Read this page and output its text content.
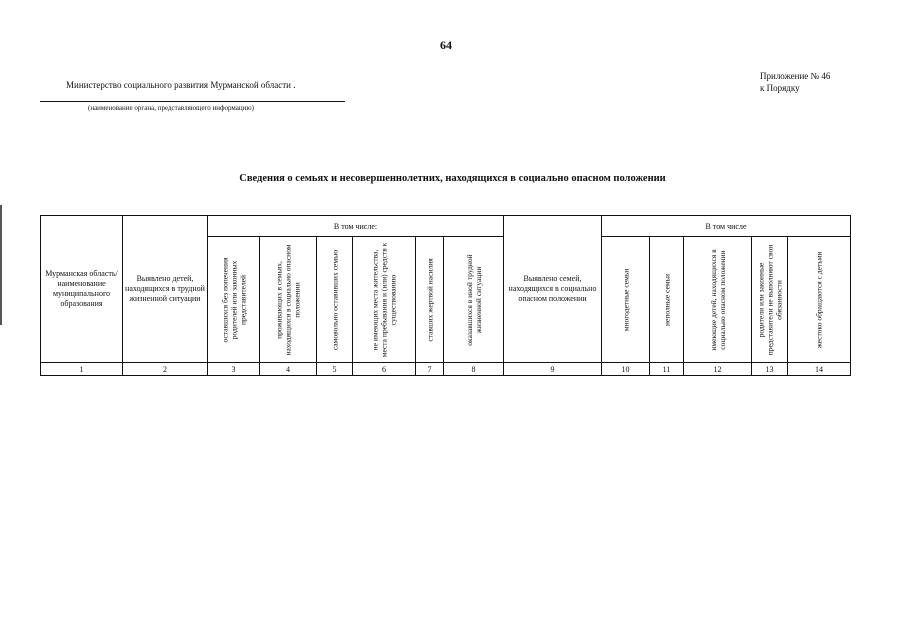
64
Министерство социального развития Мурманской области .
(наименование органа, представляющего информацию)
Приложение № 46
к Порядку
Сведения о семьях и несовершеннолетних, находящихся в социально опасном положении
Мурманская область/ наименование муниципального образования	Выявлено детей, находящихся в трудной жизненной ситуации	В том числе:						Выявлено семей, находящихся в социально опасном положении	В том числе				

		оставшихся без попечения родителей или законных представителей	проживающих в семьях, находящихся в социально опасном положении	самовольно оставивших семью	не имеющих места жительства, места пребывания и (или) средств к существованию	ставших жертвой насилия	оказавшихся в иной трудной жизненной ситуации		многодетные семьи	неполные семьи	имеющие детей, находящихся в социально опасном положении	родители или законные представители не выполняют свои обязанности	жестоко обращаются с детьми

1	2	3	4	5	6	7	8	9	10	11	12	13	14
